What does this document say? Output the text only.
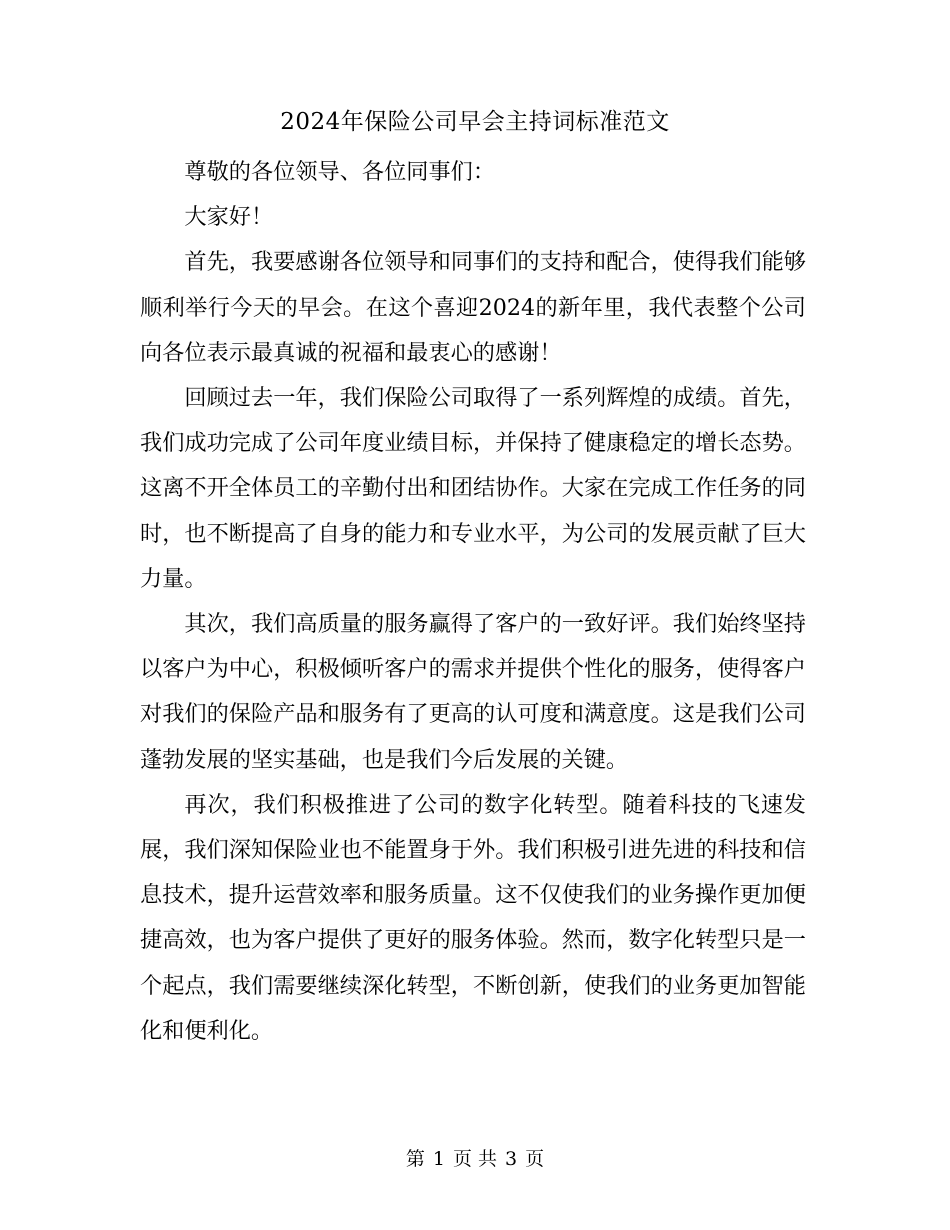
2024年保险公司早会主持词标准范文

尊敬的各位领导、各位同事们：

大家好！

首先，我要感谢各位领导和同事们的支持和配合，使得我们能够顺利举行今天的早会。在这个喜迎2024的新年里，我代表整个公司向各位表示最真诚的祝福和最衷心的感谢！

回顾过去一年，我们保险公司取得了一系列辉煌的成绩。首先，我们成功完成了公司年度业绩目标，并保持了健康稳定的增长态势。这离不开全体员工的辛勤付出和团结协作。大家在完成工作任务的同时，也不断提高了自身的能力和专业水平，为公司的发展贡献了巨大力量。

其次，我们高质量的服务赢得了客户的一致好评。我们始终坚持以客户为中心，积极倾听客户的需求并提供个性化的服务，使得客户对我们的保险产品和服务有了更高的认可度和满意度。这是我们公司蓬勃发展的坚实基础，也是我们今后发展的关键。

再次，我们积极推进了公司的数字化转型。随着科技的飞速发展，我们深知保险业也不能置身于外。我们积极引进先进的科技和信息技术，提升运营效率和服务质量。这不仅使我们的业务操作更加便捷高效，也为客户提供了更好的服务体验。然而，数字化转型只是一个起点，我们需要继续深化转型，不断创新，使我们的业务更加智能化和便利化。

第 1 页 共 3 页
